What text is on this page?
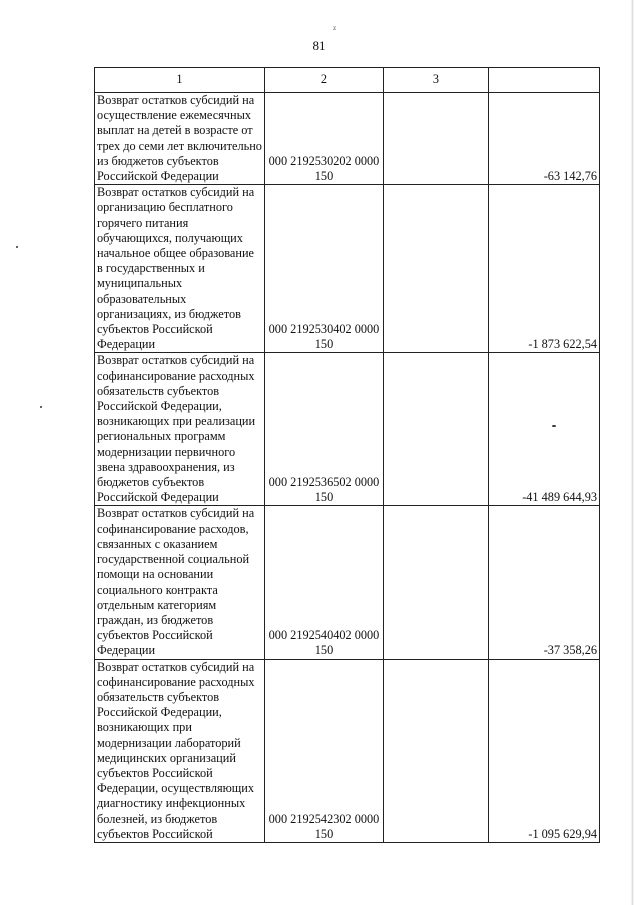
z
81
1	2	3	
Возврат остатков субсидий на осуществление ежемесячных выплат на детей в возрасте от трех до семи лет включительно из бюджетов субъектов Российской Федерации	000 2192530202 0000 150		-63 142,76
Возврат остатков субсидий на организацию бесплатного горячего питания обучающихся, получающих начальное общее образование в государственных и муниципальных образовательных организациях, из бюджетов субъектов Российской Федерации	000 2192530402 0000 150		-1 873 622,54
Возврат остатков субсидий на софинансирование расходных обязательств субъектов Российской Федерации, возникающих при реализации региональных программ модернизации первичного звена здравоохранения, из бюджетов субъектов Российской Федерации	000 2192536502 0000 150		-41 489 644,93
Возврат остатков субсидий на софинансирование расходов, связанных с оказанием государственной социальной помощи на основании социального контракта отдельным категориям граждан, из бюджетов субъектов Российской Федерации	000 2192540402 0000 150		-37 358,26
Возврат остатков субсидий на софинансирование расходных обязательств субъектов Российской Федерации, возникающих при модернизации лабораторий медицинских организаций субъектов Российской Федерации, осуществляющих диагностику инфекционных болезней, из бюджетов субъектов Российской	000 2192542302 0000 150		-1 095 629,94
